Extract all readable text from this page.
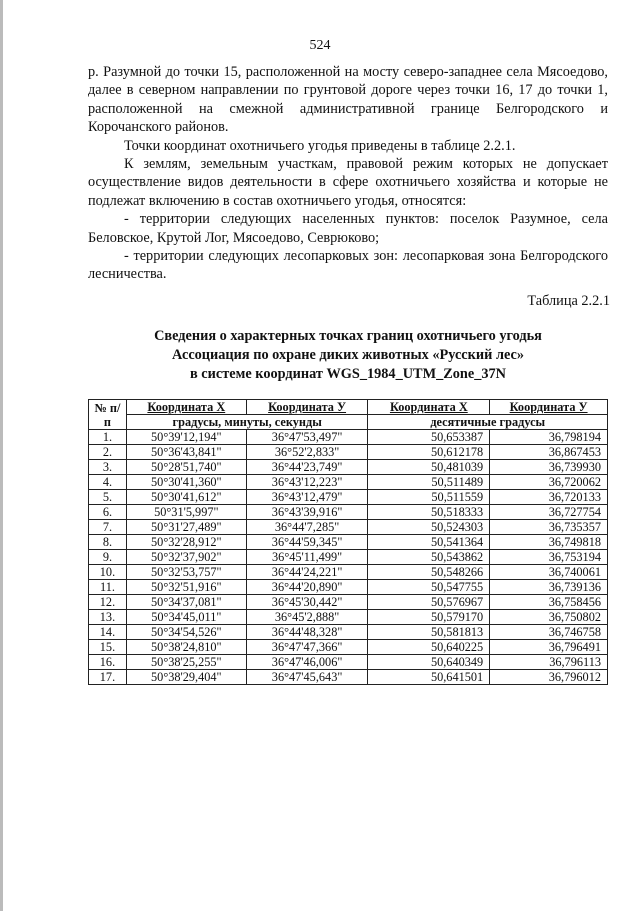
524

р. Разумной до точки 15, расположенной на мосту северо-западнее села Мясоедово, далее в северном направлении по грунтовой дороге через точки 16, 17 до точки 1, расположенной на смежной административной границе Белгородского и Корочанского районов.

Точки координат охотничьего угодья приведены в таблице 2.2.1.

К землям, земельным участкам, правовой режим которых не допускает осуществление видов деятельности в сфере охотничьего хозяйства и которые не подлежат включению в состав охотничьего угодья, относятся:

- территории следующих населенных пунктов: поселок Разумное, села Беловское, Крутой Лог, Мясоедово, Севрюково;

- территории следующих лесопарковых зон: лесопарковая зона Белгородского лесничества.

Таблица 2.2.1
Сведения о характерных точках границ охотничьего угодья
Ассоциация по охране диких животных «Русский лес»
в системе координат WGS_1984_UTM_Zone_37N
№ п/п	Координата Х	Координата У	Координата Х	Координата У
	градусы, минуты, секунды		десятичные градусы	
1.	50°39'12,194"	36°47'53,497"	50,653387	36,798194
2.	50°36'43,841"	36°52'2,833"	50,612178	36,867453
3.	50°28'51,740"	36°44'23,749"	50,481039	36,739930
4.	50°30'41,360"	36°43'12,223"	50,511489	36,720062
5.	50°30'41,612"	36°43'12,479"	50,511559	36,720133
6.	50°31'5,997"	36°43'39,916"	50,518333	36,727754
7.	50°31'27,489"	36°44'7,285"	50,524303	36,735357
8.	50°32'28,912"	36°44'59,345"	50,541364	36,749818
9.	50°32'37,902"	36°45'11,499"	50,543862	36,753194
10.	50°32'53,757"	36°44'24,221"	50,548266	36,740061
11.	50°32'51,916"	36°44'20,890"	50,547755	36,739136
12.	50°34'37,081"	36°45'30,442"	50,576967	36,758456
13.	50°34'45,011"	36°45'2,888"	50,579170	36,750802
14.	50°34'54,526"	36°44'48,328"	50,581813	36,746758
15.	50°38'24,810"	36°47'47,366"	50,640225	36,796491
16.	50°38'25,255"	36°47'46,006"	50,640349	36,796113
17.	50°38'29,404"	36°47'45,643"	50,641501	36,796012
